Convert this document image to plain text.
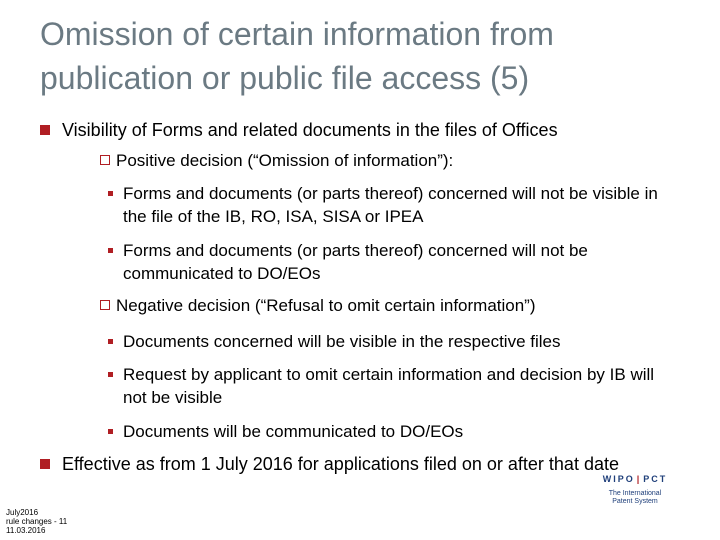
Omission of certain information from publication or public file access (5)
Visibility of Forms and related documents in the files of Offices
Positive decision (“Omission of information”):
Forms and documents (or parts thereof) concerned will not be visible in the file of the IB, RO, ISA, SISA or IPEA
Forms and documents (or parts thereof) concerned will not be communicated to DO/EOs
Negative decision (“Refusal to omit certain information”)
Documents concerned will be visible in the respective files
Request by applicant to omit certain information and decision by IB will not be visible
Documents will be communicated to DO/EOs
Effective as from 1 July 2016 for applications filed on or after that date
July2016
rule changes - 11
11.03.2016
WIPO | PCT
The International
Patent System
